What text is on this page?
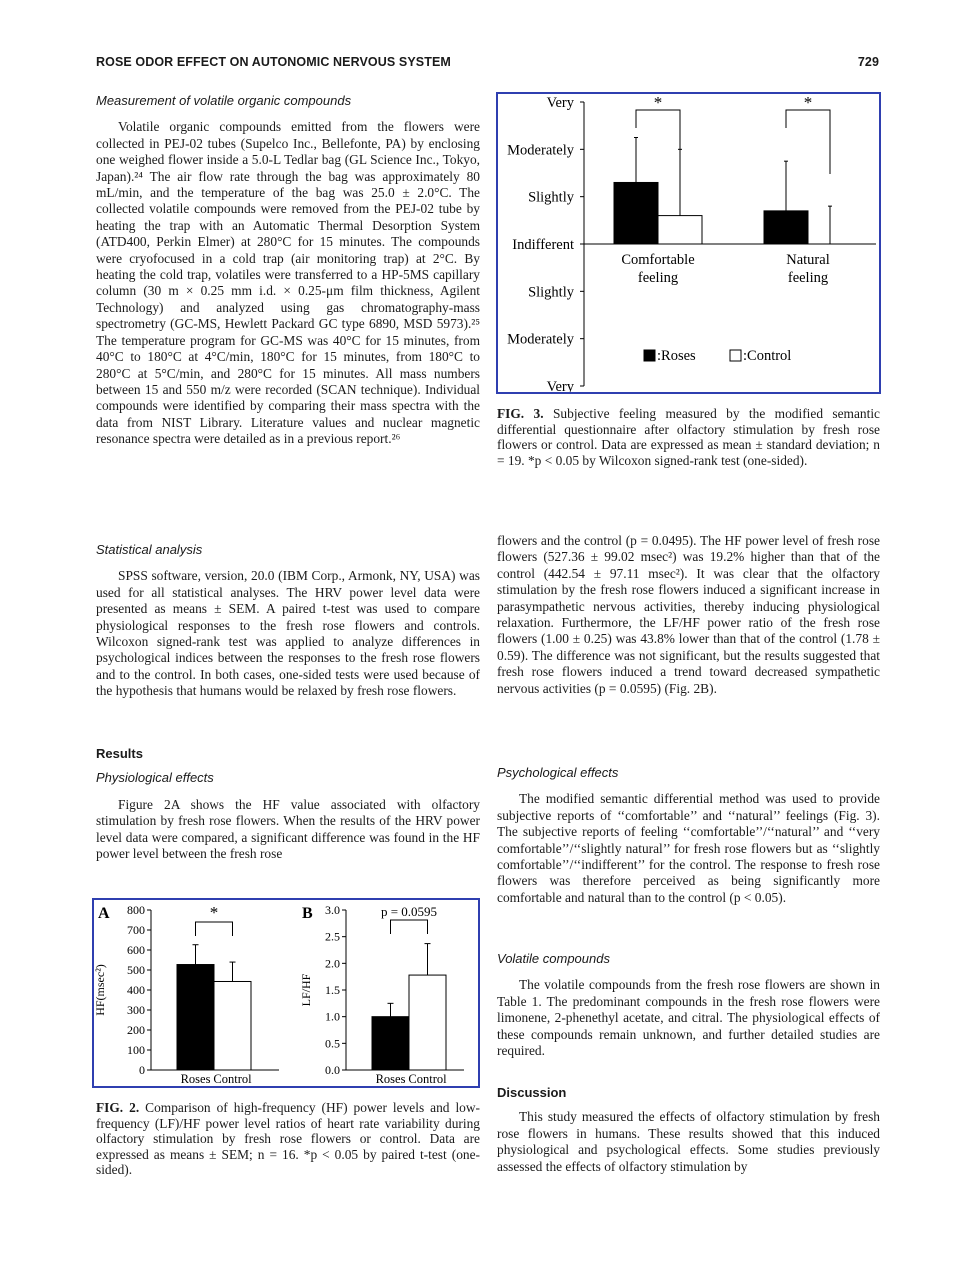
ROSE ODOR EFFECT ON AUTONOMIC NERVOUS SYSTEM	729
Measurement of volatile organic compounds

Volatile organic compounds emitted from the flowers were collected in PEJ-02 tubes (Supelco Inc., Bellefonte, PA) by enclosing one weighed flower inside a 5.0-L Tedlar bag (GL Science Inc., Tokyo, Japan).²⁴ The air flow rate through the bag was approximately 80 mL/min, and the temperature of the bag was 25.0 ± 2.0°C. The collected volatile compounds were removed from the PEJ-02 tube by heating the trap with an Automatic Thermal Desorption System (ATD400, Perkin Elmer) at 280°C for 15 minutes. The compounds were cryofocused in a cold trap (air monitoring trap) at 2°C. By heating the cold trap, volatiles were transferred to a HP-5MS capillary column (30 m × 0.25 mm i.d. × 0.25-μm film thickness, Agilent Technology) and analyzed using gas chromatography-mass spectrometry (GC-MS, Hewlett Packard GC type 6890, MSD 5973).²⁵ The temperature program for GC-MS was 40°C for 15 minutes, from 40°C to 180°C at 4°C/min, 180°C for 15 minutes, from 180°C to 280°C at 5°C/min, and 280°C for 15 minutes. All mass numbers between 15 and 550 m/z were recorded (SCAN technique). Individual compounds were identified by comparing their mass spectra with the data from NIST Library. Literature values and nuclear magnetic resonance spectra were detailed as in a previous report.²⁶

Statistical analysis

SPSS software, version, 20.0 (IBM Corp., Armonk, NY, USA) was used for all statistical analyses. The HRV power level data were presented as means ± SEM. A paired t-test was used to compare physiological responses to the fresh rose flowers and controls. Wilcoxon signed-rank test was applied to analyze differences in psychological indices between the responses to the fresh rose flowers and to the control. In both cases, one-sided tests were used because of the hypothesis that humans would be relaxed by fresh rose flowers.

Results
Physiological effects

Figure 2A shows the HF value associated with olfactory stimulation by fresh rose flowers. When the results of the HRV power level data were compared, a significant difference was found in the HF power level between the fresh rose

A
0
100
200
300
400
500
600
700
800
HF(msec²)
Roses Control
*	B
0.0
0.5
1.0
1.5
2.0
2.5
3.0
LF/HF
Roses Control
p = 0.0595
FIG. 2. Comparison of high-frequency (HF) power levels and low-frequency (LF)/HF power level ratios of heart rate variability during olfactory stimulation by fresh rose flowers or control. Data are expressed as means ± SEM; n = 16. *p < 0.05 by paired t-test (one-sided).
Very
Moderately
Slightly
Indifferent
Slightly
Moderately
Very
*
Comfortable
feeling
*
Natural
feeling
:Roses	:Control
FIG. 3. Subjective feeling measured by the modified semantic differential questionnaire after olfactory stimulation by fresh rose flowers or control. Data are expressed as mean ± standard deviation; n = 19. *p < 0.05 by Wilcoxon signed-rank test (one-sided).

flowers and the control (p = 0.0495). The HF power level of fresh rose flowers (527.36 ± 99.02 msec²) was 19.2% higher than that of the control (442.54 ± 97.11 msec²). It was clear that the olfactory stimulation by the fresh rose flowers induced a significant increase in parasympathetic nervous activities, thereby inducing physiological relaxation. Furthermore, the LF/HF power ratio of the fresh rose flowers (1.00 ± 0.25) was 43.8% lower than that of the control (1.78 ± 0.59). The difference was not significant, but the results suggested that fresh rose flowers induced a trend toward decreased sympathetic nervous activities (p = 0.0595) (Fig. 2B).

Psychological effects

The modified semantic differential method was used to provide subjective reports of ‘‘comfortable’’ and ‘‘natural’’ feelings (Fig. 3). The subjective reports of feeling ‘‘comfortable’’/‘‘natural’’ and ‘‘very comfortable’’/‘‘slightly natural’’ for fresh rose flowers but as ‘‘slightly comfortable’’/‘‘indifferent’’ for the control. The response to fresh rose flowers was therefore perceived as being significantly more comfortable and natural than to the control (p < 0.05).

Volatile compounds

The volatile compounds from the fresh rose flowers are shown in Table 1. The predominant compounds in the fresh rose flowers were limonene, 2-phenethyl acetate, and citral. The physiological effects of these compounds remain unknown, and further detailed studies are required.

Discussion

This study measured the effects of olfactory stimulation by fresh rose flowers in humans. These results showed that this induced physiological and psychological effects. Some studies previously assessed the effects of olfactory stimulation by
